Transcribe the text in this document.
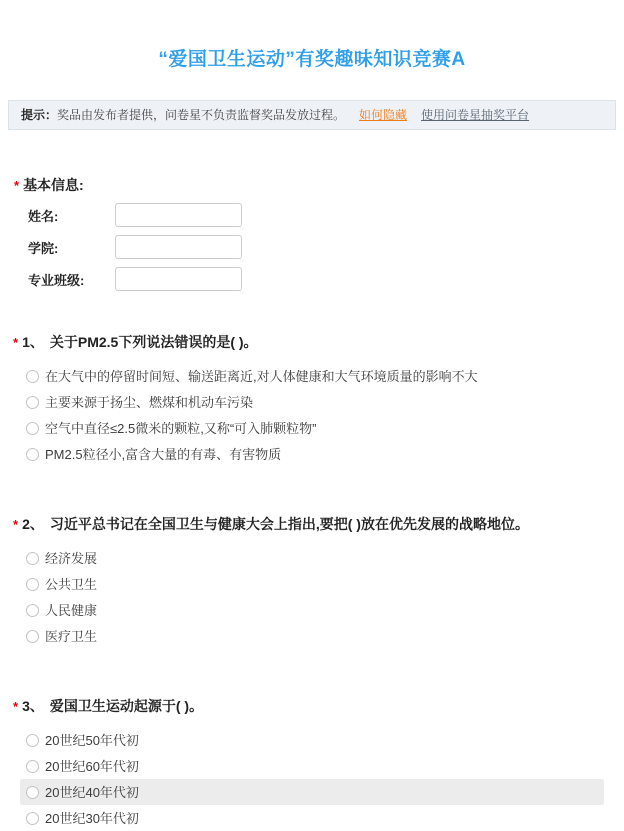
“爱国卫生运动”有奖趣味知识竞赛A
提示：奖品由发布者提供，问卷星不负责监督奖品发放过程。 如何隐藏 使用问卷星抽奖平台
* 基本信息:
姓名:
学院:
专业班级:
* 1、 关于PM2.5下列说法错误的是( )。
在大气中的停留时间短、输送距离近,对人体健康和大气环境质量的影响不大
主要来源于扬尘、燃煤和机动车污染
空气中直径≤2.5微米的颗粒,又称“可入肺颗粒物”
PM2.5粒径小,富含大量的有毒、有害物质
* 2、 习近平总书记在全国卫生与健康大会上指出,要把( )放在优先发展的战略地位。
经济发展
公共卫生
人民健康
医疗卫生
* 3、 爱国卫生运动起源于( )。
20世纪50年代初
20世纪60年代初
20世纪40年代初
20世纪30年代初
